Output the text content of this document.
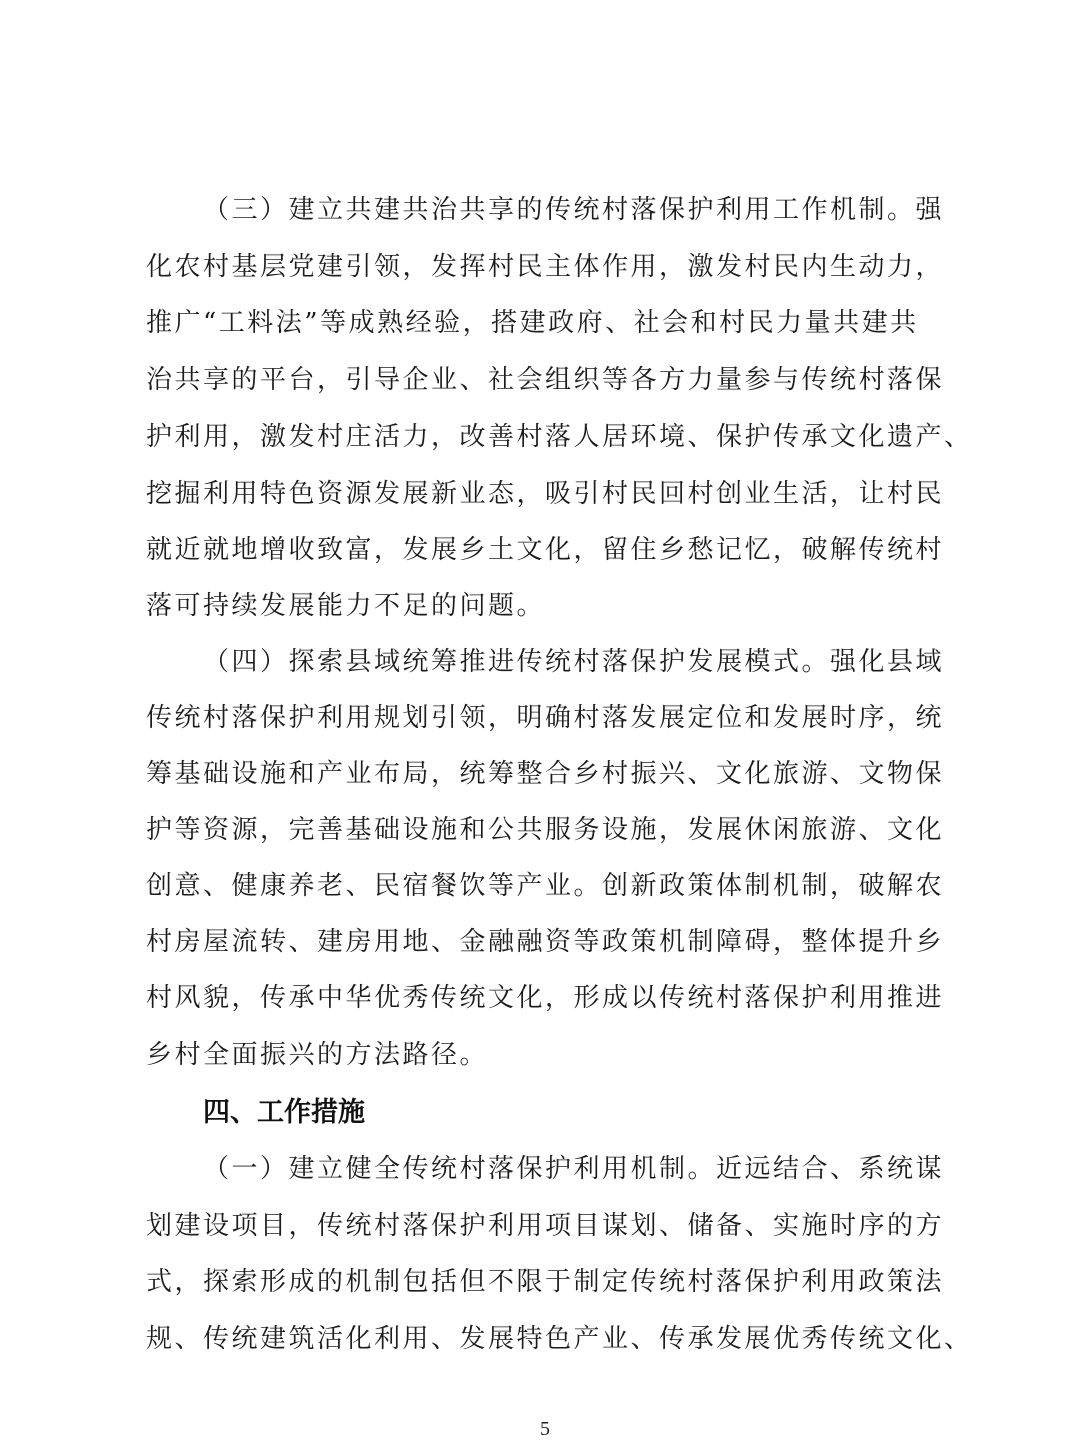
（三）建立共建共治共享的传统村落保护利用工作机制。强
化农村基层党建引领，发挥村民主体作用，激发村民内生动力，
推广“工料法”等成熟经验，搭建政府、社会和村民力量共建共
治共享的平台，引导企业、社会组织等各方力量参与传统村落保
护利用，激发村庄活力，改善村落人居环境、保护传承文化遗产、
挖掘利用特色资源发展新业态，吸引村民回村创业生活，让村民
就近就地增收致富，发展乡土文化，留住乡愁记忆，破解传统村
落可持续发展能力不足的问题。
（四）探索县域统筹推进传统村落保护发展模式。强化县域
传统村落保护利用规划引领，明确村落发展定位和发展时序，统
筹基础设施和产业布局，统筹整合乡村振兴、文化旅游、文物保
护等资源，完善基础设施和公共服务设施，发展休闲旅游、文化
创意、健康养老、民宿餐饮等产业。创新政策体制机制，破解农
村房屋流转、建房用地、金融融资等政策机制障碍，整体提升乡
村风貌，传承中华优秀传统文化，形成以传统村落保护利用推进
乡村全面振兴的方法路径。
四、工作措施
（一）建立健全传统村落保护利用机制。近远结合、系统谋
划建设项目，传统村落保护利用项目谋划、储备、实施时序的方
式，探索形成的机制包括但不限于制定传统村落保护利用政策法
规、传统建筑活化利用、发展特色产业、传承发展优秀传统文化、
5
